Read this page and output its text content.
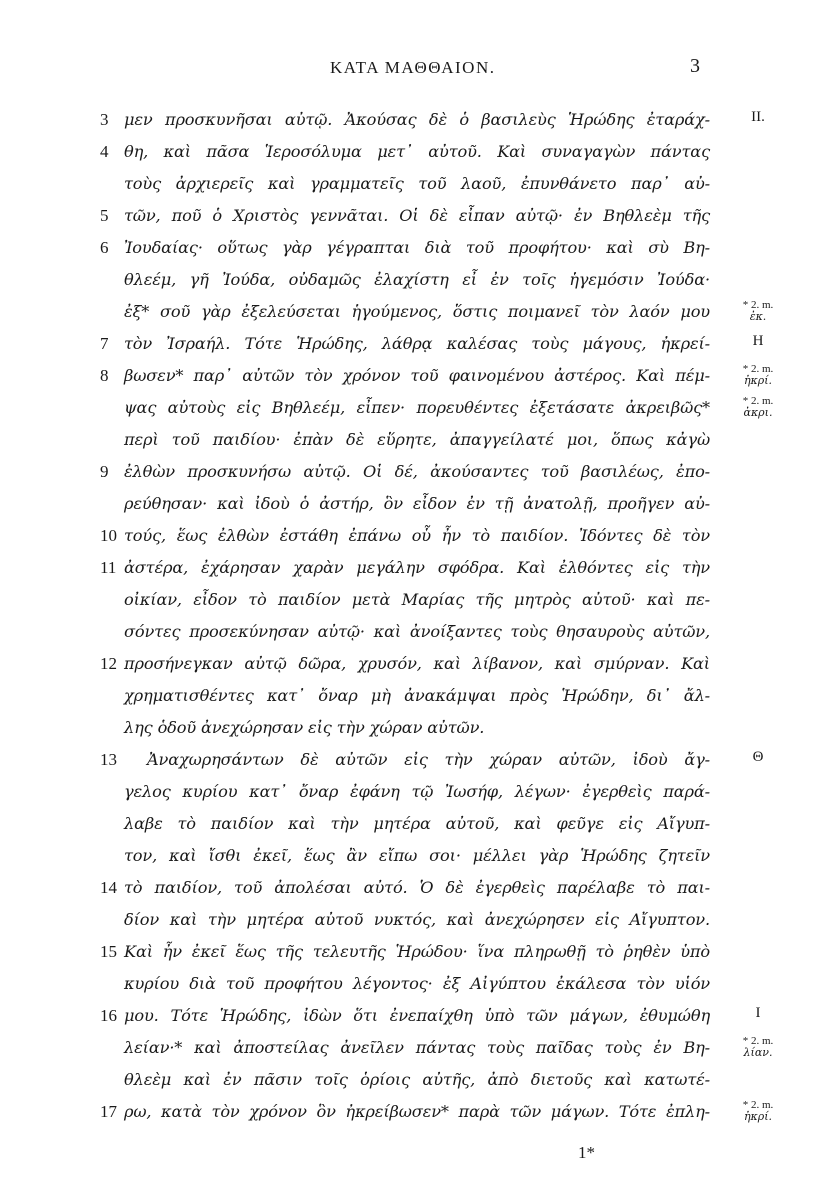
ΚΑΤΑ ΜΑΘΘΑΙΟΝ.	3
3 μεν προσκυνῆσαι αὐτῷ. Ἀκούσας δὲ ὁ βασιλεὺς Ἡρώδης ἐταράχ-	II.
4 θη, καὶ πᾶσα Ἱεροσόλυμα μετ᾽ αὐτοῦ. Καὶ συναγαγὼν πάντας
τοὺς ἀρχιερεῖς καὶ γραμματεῖς τοῦ λαοῦ, ἐπυνθάνετο παρ᾽ αὐ-
5 τῶν, ποῦ ὁ Χριστὸς γεννᾶται. Οἱ δὲ εἶπαν αὐτῷ· ἐν Βηθλεὲμ τῆς
6 Ἰουδαίας· οὕτως γὰρ γέγραπται διὰ τοῦ προφήτου· καὶ σὺ Βη-
θλεέμ, γῆ Ἰούδα, οὐδαμῶς ἐλαχίστη εἶ ἐν τοῖς ἡγεμόσιν Ἰούδα·
ἐξ* σοῦ γὰρ ἐξελεύσεται ἡγούμενος, ὅστις ποιμανεῖ τὸν λαόν μου	* 2. m.
ἐκ.
7 τὸν Ἰσραήλ. Τότε Ἡρώδης, λάθρᾳ καλέσας τοὺς μάγους, ἠκρεί-	H
8 βωσεν* παρ᾽ αὐτῶν τὸν χρόνον τοῦ φαινομένου ἀστέρος. Καὶ πέμ-	* 2. m.
ἠκρί.
ψας αὐτοὺς εἰς Βηθλεέμ, εἶπεν· πορευθέντες ἐξετάσατε ἀκρειβῶς*	* 2. m.
ἀκρι.
περὶ τοῦ παιδίου· ἐπὰν δὲ εὕρητε, ἀπαγγείλατέ μοι, ὅπως κἀγὼ
9 ἐλθὼν προσκυνήσω αὐτῷ. Οἱ δέ, ἀκούσαντες τοῦ βασιλέως, ἐπο-
ρεύθησαν· καὶ ἰδοὺ ὁ ἀστήρ, ὃν εἶδον ἐν τῇ ἀνατολῇ, προῆγεν αὐ-
10 τούς, ἕως ἐλθὼν ἐστάθη ἐπάνω οὗ ἦν τὸ παιδίον. Ἰδόντες δὲ τὸν
11 ἀστέρα, ἐχάρησαν χαρὰν μεγάλην σφόδρα. Καὶ ἐλθόντες εἰς τὴν
οἰκίαν, εἶδον τὸ παιδίον μετὰ Μαρίας τῆς μητρὸς αὐτοῦ· καὶ πε-
σόντες προσεκύνησαν αὐτῷ· καὶ ἀνοίξαντες τοὺς θησαυροὺς αὐτῶν,
12 προσήνεγκαν αὐτῷ δῶρα, χρυσόν, καὶ λίβανον, καὶ σμύρναν. Καὶ
χρηματισθέντες κατ᾽ ὄναρ μὴ ἀνακάμψαι πρὸς Ἡρώδην, δι᾽ ἄλ-
λης ὁδοῦ ἀνεχώρησαν εἰς τὴν χώραν αὐτῶν.
13	Ἀναχωρησάντων δὲ αὐτῶν εἰς τὴν χώραν αὐτῶν, ἰδοὺ ἄγ-	Θ
γελος κυρίου κατ᾽ ὄναρ ἐφάνη τῷ Ἰωσήφ, λέγων· ἐγερθεὶς παρά-
λαβε τὸ παιδίον καὶ τὴν μητέρα αὐτοῦ, καὶ φεῦγε εἰς Αἴγυπ-
τον, καὶ ἴσθι ἐκεῖ, ἕως ἂν εἴπω σοι· μέλλει γὰρ Ἡρώδης ζητεῖν
14 τὸ παιδίον, τοῦ ἀπολέσαι αὐτό. Ὁ δὲ ἐγερθεὶς παρέλαβε τὸ παι-
δίον καὶ τὴν μητέρα αὐτοῦ νυκτός, καὶ ἀνεχώρησεν εἰς Αἴγυπτον.
15 Καὶ ἦν ἐκεῖ ἕως τῆς τελευτῆς Ἡρώδου· ἵνα πληρωθῇ τὸ ῥηθὲν ὑπὸ
κυρίου διὰ τοῦ προφήτου λέγοντος· ἐξ Αἰγύπτου ἐκάλεσα τὸν υἱόν
16 μου. Τότε Ἡρώδης, ἰδὼν ὅτι ἐνεπαίχθη ὑπὸ τῶν μάγων, ἐθυμώθη	I
λείαν·* καὶ ἀποστείλας ἀνεῖλεν πάντας τοὺς παῖδας τοὺς ἐν Βη-	* 2. m.
λίαν.
θλεὲμ καὶ ἐν πᾶσιν τοῖς ὁρίοις αὐτῆς, ἀπὸ διετοῦς καὶ κατωτέ-
17 ρω, κατὰ τὸν χρόνον ὃν ἠκρείβωσεν* παρὰ τῶν μάγων. Τότε ἐπλη-	* 2. m.
ἠκρί.
1*
